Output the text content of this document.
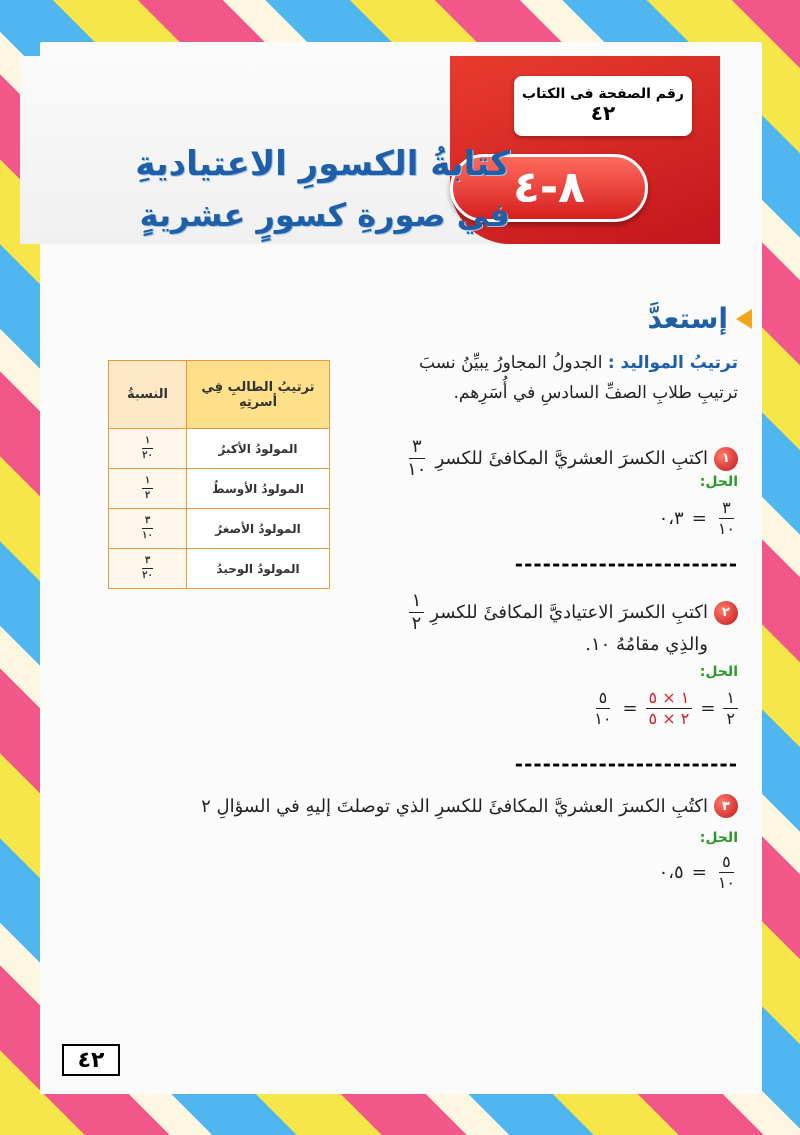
رقم الصفحة فى الكتاب
٤٢
٨-٤
كتابةُ الكسورِ الاعتياديةِ
في صورةِ كسورٍ عشريةٍ
إستعدَّ
ترتيبُ المواليد : الجدولُ المجاورُ يبيِّنُ نسبَ ترتيبِ طلابِ الصفِّ السادسِ في أُسَرِهم.
ترتيبُ الطالبِ فِي أسرتِهِ	النسبةُ
المولودُ الأكبرُ	$\frac{١}{٢٠}$

المولودُ الأوسطُ	$\frac{١}{٢}$

المولودُ الأصغرُ	$\frac{٣}{١٠}$

المولودُ الوحيدُ	$\frac{٣}{٢٠}$
١
اكتبِ الكسرَ العشريَّ المكافئَ للكسرِ
$\frac{٣}{١٠}$
الحل:
٠،٣ = $\frac{٣}{١٠}$
------------------------
٢
اكتبِ الكسرَ الاعتياديَّ المكافئَ للكسرِ
$\frac{١}{٢}$
والذِي مقامُهُ ١٠.
الحل:
$\frac{٥}{١٠} = \frac{١ \times ٥}{٢ \times ٥} = \frac{١}{٢}$
------------------------
٣
اكتُبِ الكسرَ العشريَّ المكافئَ للكسرِ الذي توصلتَ إليهِ في السؤالِ ٢
الحل:
٠،٥ = $\frac{٥}{١٠}$
٤٢
